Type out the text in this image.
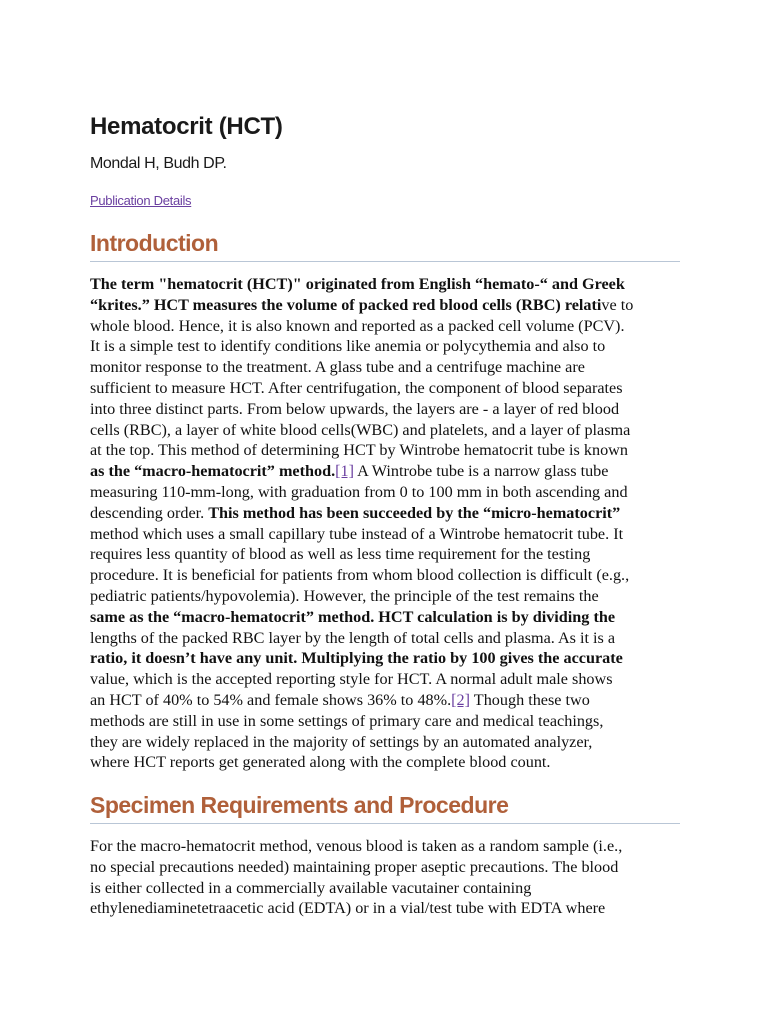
Hematocrit (HCT)
Mondal H, Budh DP.
Publication Details
Introduction
The term "hematocrit (HCT)" originated from English “hemato-“ and Greek
“krites.” HCT measures the volume of packed red blood cells (RBC) relative to
whole blood. Hence, it is also known and reported as a packed cell volume (PCV).
It is a simple test to identify conditions like anemia or polycythemia and also to
monitor response to the treatment. A glass tube and a centrifuge machine are
sufficient to measure HCT. After centrifugation, the component of blood separates
into three distinct parts. From below upwards, the layers are - a layer of red blood
cells (RBC), a layer of white blood cells(WBC) and platelets, and a layer of plasma
at the top. This method of determining HCT by Wintrobe hematocrit tube is known
as the “macro-hematocrit” method.[1] A Wintrobe tube is a narrow glass tube
measuring 110-mm-long, with graduation from 0 to 100 mm in both ascending and
descending order. This method has been succeeded by the “micro-hematocrit”
method which uses a small capillary tube instead of a Wintrobe hematocrit tube. It
requires less quantity of blood as well as less time requirement for the testing
procedure. It is beneficial for patients from whom blood collection is difficult (e.g.,
pediatric patients/hypovolemia). However, the principle of the test remains the
same as the “macro-hematocrit” method. HCT calculation is by dividing the
lengths of the packed RBC layer by the length of total cells and plasma. As it is a
ratio, it doesn’t have any unit. Multiplying the ratio by 100 gives the accurate
value, which is the accepted reporting style for HCT. A normal adult male shows
an HCT of 40% to 54% and female shows 36% to 48%.[2] Though these two
methods are still in use in some settings of primary care and medical teachings,
they are widely replaced in the majority of settings by an automated analyzer,
where HCT reports get generated along with the complete blood count.
Specimen Requirements and Procedure
For the macro-hematocrit method, venous blood is taken as a random sample (i.e.,
no special precautions needed) maintaining proper aseptic precautions. The blood
is either collected in a commercially available vacutainer containing
ethylenediaminetetraacetic acid (EDTA) or in a vial/test tube with EDTA where
